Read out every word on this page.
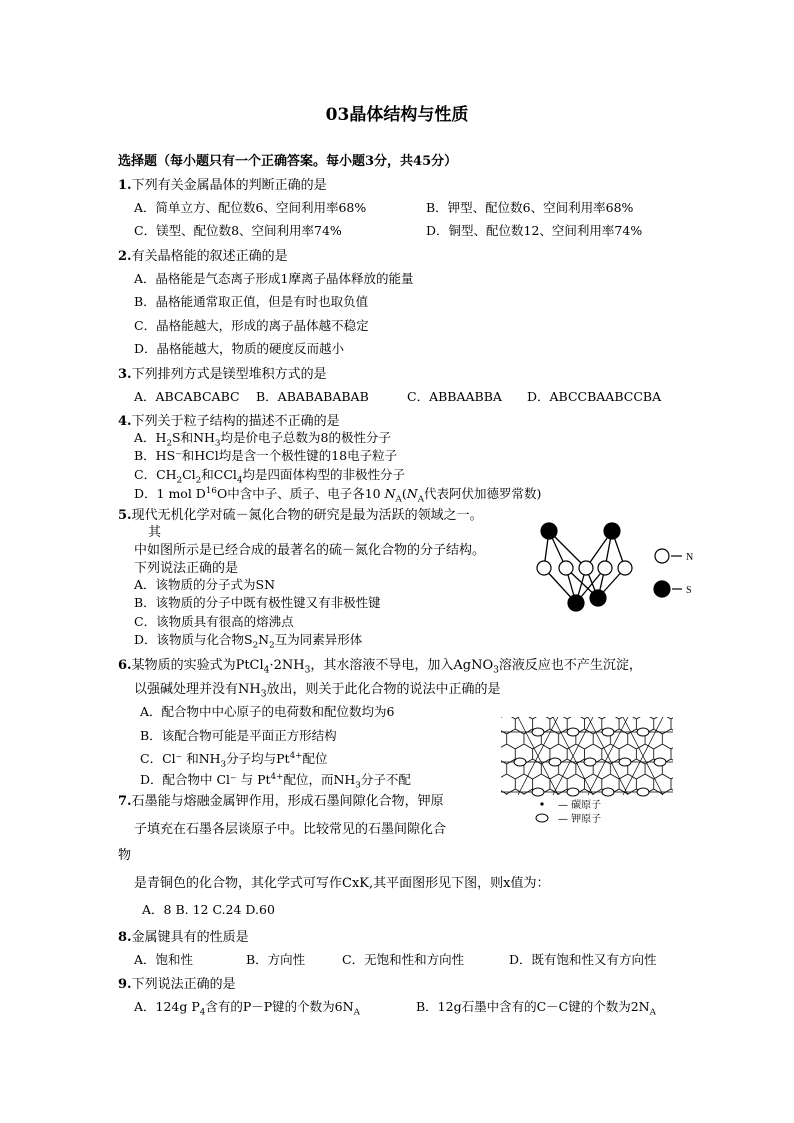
03晶体结构与性质
选择题（每小题只有一个正确答案。每小题3分，共45分）
1.下列有关金属晶体的判断正确的是
A．简单立方、配位数6、空间利用率68%	B．钾型、配位数6、空间利用率68%
C．镁型、配位数8、空间利用率74%	D．铜型、配位数12、空间利用率74%
2.有关晶格能的叙述正确的是
A．晶格能是气态离子形成1摩离子晶体释放的能量
B．晶格能通常取正值，但是有时也取负值
C．晶格能越大，形成的离子晶体越不稳定
D．晶格能越大，物质的硬度反而越小
3.下列排列方式是镁型堆积方式的是
A．ABCABCABC B．ABABABABAB	C．ABBAABBA D．ABCCBAABCCBA
4.下列关于粒子结构的描述不正确的是
A．$H_2S$和$NH_3$均是价电子总数为8的极性分子
B．HS⁻和HCl均是含一个极性键的18电子粒子
C．$CH_2Cl_2$和CCl$_4$均是四面体构型的非极性分子
D．1 mol $D^{16}O$中含中子、质子、电子各10 $N_A(N_A$代表阿伏加德罗常数)
5.现代无机化学对硫－氮化合物的研究是最为活跃的领域之一。
其
中如图所示是已经合成的最著名的硫－氮化合物的分子结构。
下列说法正确的是
A．该物质的分子式为SN
B．该物质的分子中既有极性键又有非极性键
C．该物质具有很高的熔沸点
D．该物质与化合物$S_2N_2$互为同素异形体
N
S
6.某物质的实验式为$PtCl_4\cdot 2NH_3$，其水溶液不导电，加入AgNO$_3$溶液反应也不产生沉淀，
以强碱处理并没有$NH_3$放出，则关于此化合物的说法中正确的是
A．配合物中中心原子的电荷数和配位数均为6
B．该配合物可能是平面正方形结构
C．Cl⁻ 和$NH_3$分子均与$Pt^{4+}$配位
D．配合物中 Cl⁻ 与 $Pt^{4+}$配位，而$NH_3$分子不配
— 碳原子
— 钾原子
7.石墨能与熔融金属钾作用，形成石墨间隙化合物，钾原
子填充在石墨各层谈原子中。比较常见的石墨间隙化合
物
是青铜色的化合物，其化学式可写作CxK,其平面图形见下图，则x值为：
A．8 B. 12 C.24 D.60
8.金属键具有的性质是
A．饱和性	B．方向性	C．无饱和性和方向性	D．既有饱和性又有方向性
9.下列说法正确的是
A．124g $P_4$含有的P－P键的个数为$6N_A$	B．12g石墨中含有的C－C键的个数为$2N_A$
